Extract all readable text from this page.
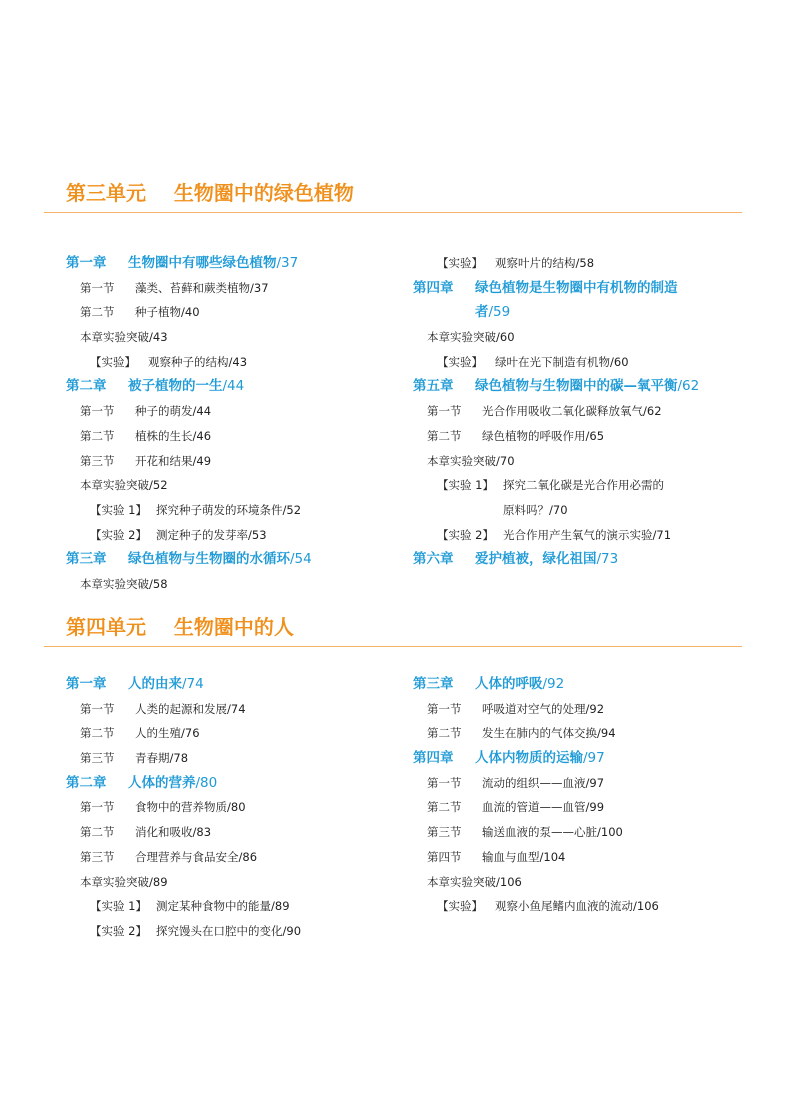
第三单元 生物圈中的绿色植物
第一章 生物圈中有哪些绿色植物/37
第一节 藻类、苔藓和蕨类植物/37
第二节 种子植物/40
本章实验突破/43
【实验】 观察种子的结构/43
第二章 被子植物的一生/44
第一节 种子的萌发/44
第二节 植株的生长/46
第三节 开花和结果/49
本章实验突破/52
【实验 1】 探究种子萌发的环境条件/52
【实验 2】 测定种子的发芽率/53
第三章 绿色植物与生物圈的水循环/54
本章实验突破/58
【实验】 观察叶片的结构/58
第四章 绿色植物是生物圈中有机物的制造
者/59
本章实验突破/60
【实验】 绿叶在光下制造有机物/60
第五章 绿色植物与生物圈中的碳—氧平衡/62
第一节 光合作用吸收二氧化碳释放氧气/62
第二节 绿色植物的呼吸作用/65
本章实验突破/70
【实验 1】 探究二氧化碳是光合作用必需的
原料吗？/70
【实验 2】 光合作用产生氧气的演示实验/71
第六章 爱护植被，绿化祖国/73
第四单元 生物圈中的人
第一章 人的由来/74
第一节 人类的起源和发展/74
第二节 人的生殖/76
第三节 青春期/78
第二章 人体的营养/80
第一节 食物中的营养物质/80
第二节 消化和吸收/83
第三节 合理营养与食品安全/86
本章实验突破/89
【实验 1】 测定某种食物中的能量/89
【实验 2】 探究馒头在口腔中的变化/90
第三章 人体的呼吸/92
第一节 呼吸道对空气的处理/92
第二节 发生在肺内的气体交换/94
第四章 人体内物质的运输/97
第一节 流动的组织——血液/97
第二节 血流的管道——血管/99
第三节 输送血液的泵——心脏/100
第四节 输血与血型/104
本章实验突破/106
【实验】 观察小鱼尾鳍内血液的流动/106
